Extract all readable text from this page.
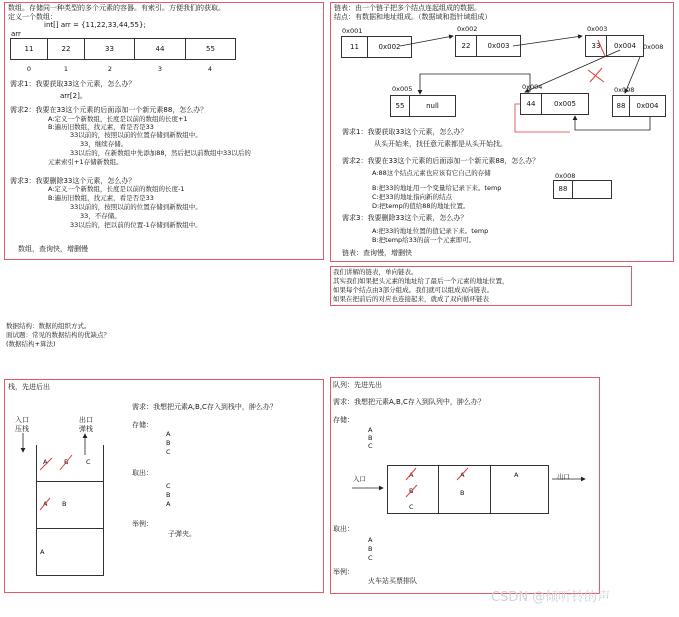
数组。存储同一种类型的多个元素的容器。有索引。方便我们的获取。
定义一个数组：
int[] arr = {11,22,33,44,55};
arr
11	22	33	44	55
0	1	2	3	4
需求1：我要获取33这个元素，怎么办？
arr[2]。
需求2：我要在33这个元素的后面添加一个新元素88，怎么办？
A:定义一个新数组，长度是以前的数组的长度+1
B:遍历旧数组，找元素，看是否是33
33以前的，按照以前的位置存储到新数组中。
33，继续存储。
33以后的，在新数组中先添加88，然后把以前数组中33以后的
元素索引+1存储新数组。
需求3：我要删除33这个元素，怎么办？
A:定义一个新数组，长度是以前的数组的长度-1
B:遍历旧数组，找元素，看是否是33
33以前的，按照以前的位置存储到新数组中。
33，不存储。
33以后的，把以前的位置-1存储到新数组中。
数组，查询快，增删慢
链表：由一个链子把多个结点连起组成的数据。
结点：有数据和地址组成。（数据域和指针域组成）
0x001
11	0x002
0x002
22	0x003
0x003
33	0x004	0x008
0x005
55	null
0x004
44	0x005
0x008
88	0x004
需求1：我要获取33这个元素，怎么办？
从头开始来，找任意元素都是从头开始找。
需求2：我要在33这个元素的后面添加一个新元素88，怎么办？
A:88这个结点元素也应该有它自己的存储
B:把33的地址用一个变量给记录下来。temp
C:把33的地址指向新的结点
D:把temp的值给88的地址位置。
0x008
88
需求3：我要删除33这个元素，怎么办？
A:把33的地址位置的值记录下来。temp
B:把temp给33的前一个元素即可。
链表：查询慢，增删快
我们讲解的链表，单向链表。
其实我们如果把头元素的地址给了最后一个元素的地址位置，
如果每个结点由3部分组成。我们就可以组成双向链表。
如果在把前后的对应也连接起来，就成了双向循环链表
数据结构：数据的组织方式。
面试题：常见的数据结构的优缺点？
(数据结构+算法)
栈，先进后出
入口
压栈
出口
弹栈
A	B	C
A B
A
需求：我想把元素A,B,C存入到栈中，肿么办？
存储：
A
B
C
取出：
C
B
A
举例：
子弹夹。
队列：先进先出
需求：我想把元素A,B,C存入到队列中，肿么办？
存储：
A
B
C
入口	A
B
C
A
B
A	出口
取出：
A
B
C
举例：
火车站买票排队
CSDN @倾听铃的声
